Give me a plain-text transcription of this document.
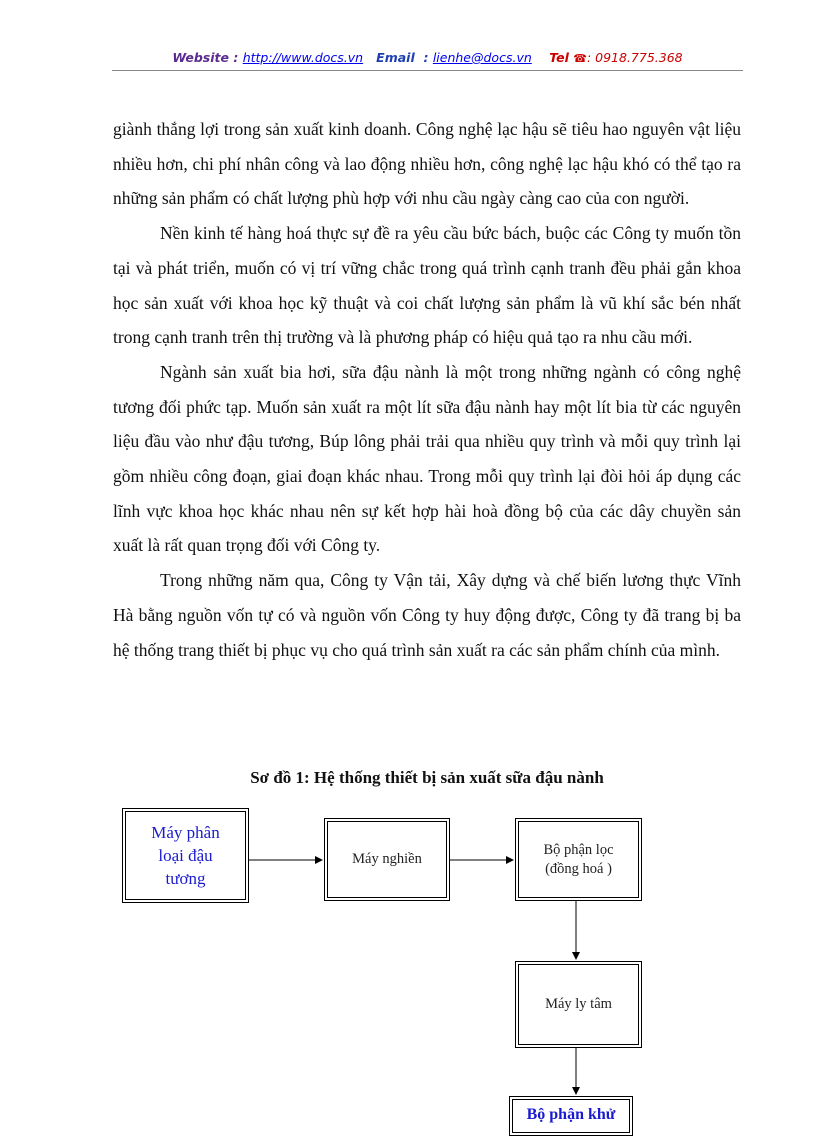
Website : http://www.docs.vn Email : lienhe@docs.vn Tel ☎: 0918.775.368

giành thắng lợi trong sản xuất kinh doanh. Công nghệ lạc hậu sẽ tiêu hao nguyên vật liệu nhiều hơn, chi phí nhân công và lao động nhiều hơn, công nghệ lạc hậu khó có thể tạo ra những sản phẩm có chất lượng phù hợp với nhu cầu ngày càng cao của con người.

Nền kinh tế hàng hoá thực sự đề ra yêu cầu bức bách, buộc các Công ty muốn tồn tại và phát triển, muốn có vị trí vững chắc trong quá trình cạnh tranh đều phải gắn khoa học sản xuất với khoa học kỹ thuật và coi chất lượng sản phẩm là vũ khí sắc bén nhất trong cạnh tranh trên thị trường và là phương pháp có hiệu quả tạo ra nhu cầu mới.

Ngành sản xuất bia hơi, sữa đậu nành là một trong những ngành có công nghệ tương đối phức tạp. Muốn sản xuất ra một lít sữa đậu nành hay một lít bia từ các nguyên liệu đầu vào như đậu tương, Búp lông phải trải qua nhiều quy trình và mỗi quy trình lại gồm nhiều công đoạn, giai đoạn khác nhau. Trong mỗi quy trình lại đòi hỏi áp dụng các lĩnh vực khoa học khác nhau nên sự kết hợp hài hoà đồng bộ của các dây chuyền sản xuất là rất quan trọng đối với Công ty.

Trong những năm qua, Công ty Vận tải, Xây dựng và chế biến lương thực Vĩnh Hà bằng nguồn vốn tự có và nguồn vốn Công ty huy động được, Công ty đã trang bị ba hệ thống trang thiết bị phục vụ cho quá trình sản xuất ra các sản phẩm chính của mình.

Sơ đồ 1: Hệ thống thiết bị sản xuất sữa đậu nành
Máy phân loại đậu tương
Máy nghiền
Bộ phận lọc (đồng hoá )
Máy ly tâm
Bộ phận khử
